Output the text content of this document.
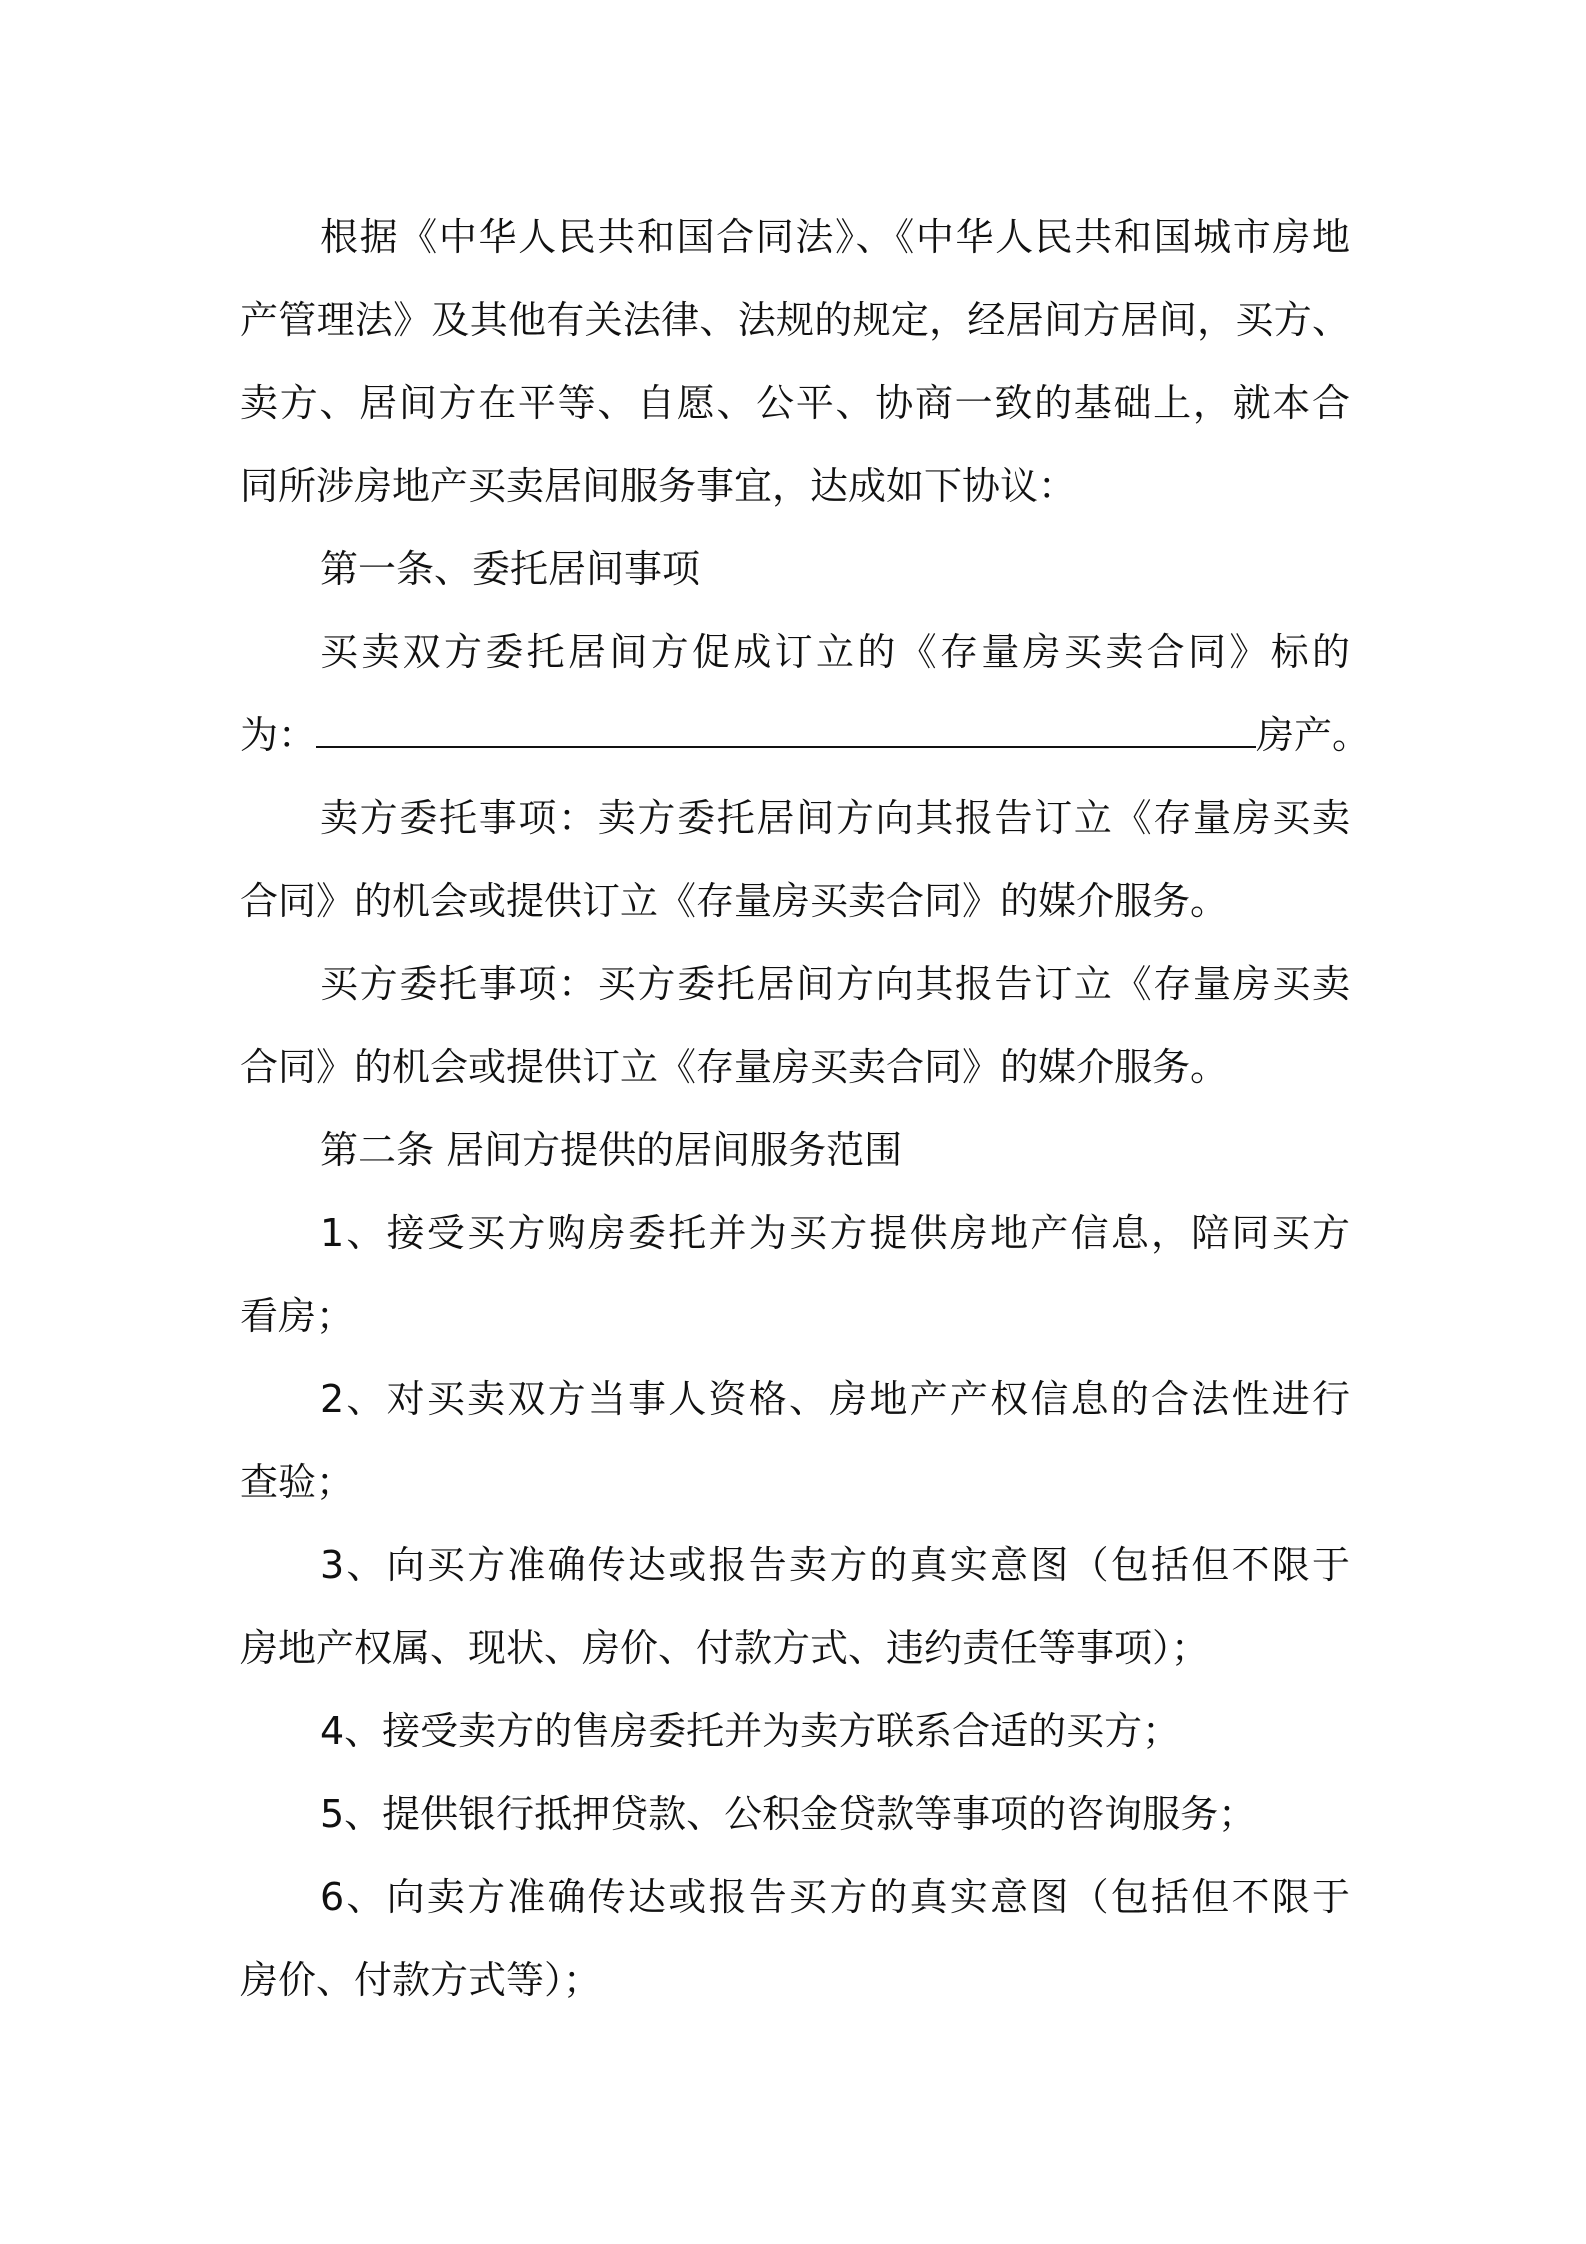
根据《中华人民共和国合同法》、《中华人民共和国城市房地
产管理法》及其他有关法律、法规的规定，经居间方居间，买方、
卖方、居间方在平等、自愿、公平、协商一致的基础上，就本合
同所涉房地产买卖居间服务事宜，达成如下协议：
第一条、委托居间事项
买卖双方委托居间方促成订立的《存量房买卖合同》标的
为：	房产。
卖方委托事项：卖方委托居间方向其报告订立《存量房买卖
合同》的机会或提供订立《存量房买卖合同》的媒介服务。
买方委托事项：买方委托居间方向其报告订立《存量房买卖
合同》的机会或提供订立《存量房买卖合同》的媒介服务。
第二条 居间方提供的居间服务范围
1、接受买方购房委托并为买方提供房地产信息，陪同买方
看房；
2、对买卖双方当事人资格、房地产产权信息的合法性进行
查验；
3、向买方准确传达或报告卖方的真实意图（包括但不限于
房地产权属、现状、房价、付款方式、违约责任等事项）；
4、接受卖方的售房委托并为卖方联系合适的买方；
5、提供银行抵押贷款、公积金贷款等事项的咨询服务；
6、向卖方准确传达或报告买方的真实意图（包括但不限于
房价、付款方式等）；
